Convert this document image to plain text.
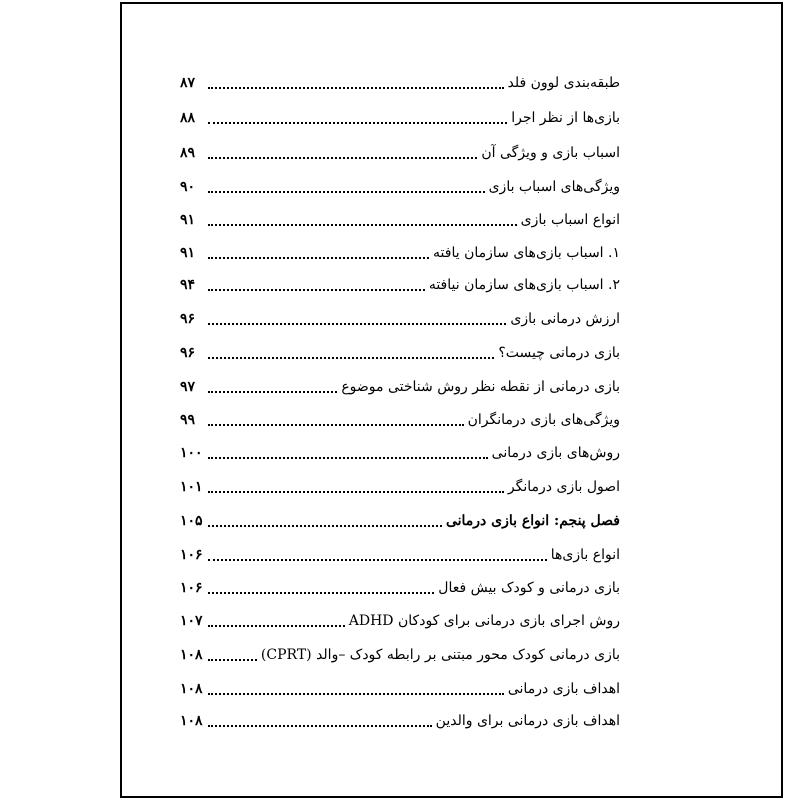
طبقه‌بندی لوون فلد
۸۷
بازی‌ها از نظر اجرا
۸۸
اسباب بازی و ویژگی آن
۸۹
ویژگی‌های اسباب بازی
۹۰
انواع اسباب بازی
۹۱
۱. اسباب بازی‌های سازمان یافته
۹۱
۲. اسباب بازی‌های سازمان نیافته
۹۴
ارزش درمانی بازی
۹۶
بازی درمانی چیست؟
۹۶
بازی درمانی از نقطه نظر روش شناختی موضوع
۹۷
ویژگی‌های بازی درمانگران
۹۹
روش‌های بازی درمانی
۱۰۰
اصول بازی درمانگر
۱۰۱
فصل پنجم: انواع بازی درمانی
۱۰۵
انواع بازی‌ها
۱۰۶
بازی درمانی و کودک بیش فعال
۱۰۶
روش اجرای بازی درمانی برای کودکان ADHD
۱۰۷
بازی درمانی کودک محور مبتنی بر رابطه کودک –والد (CPRT)
۱۰۸
اهداف بازی درمانی
۱۰۸
اهداف بازی درمانی برای والدین
۱۰۸
